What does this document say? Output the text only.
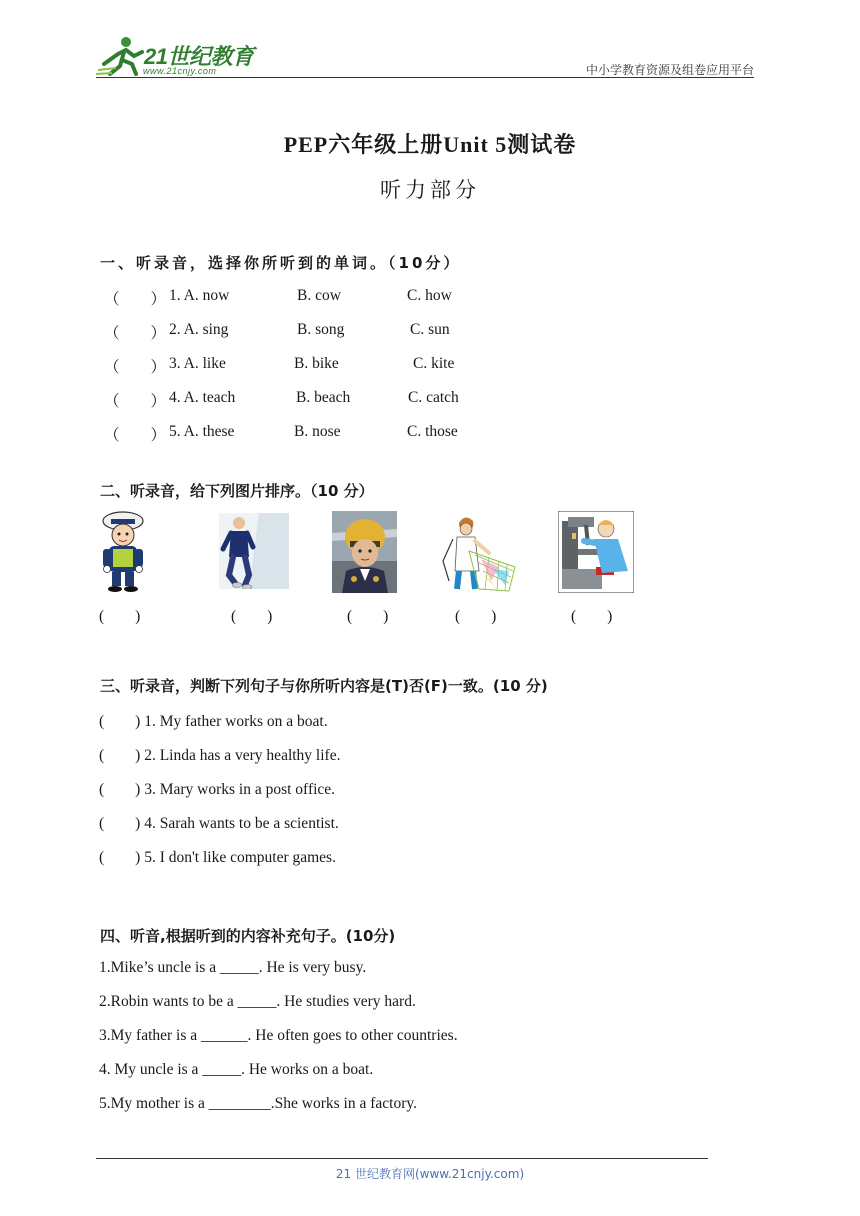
21世纪教育
www.21cnjy.com	中小学教育资源及组卷应用平台
PEP六年级上册Unit 5测试卷
听力部分
一、听录音，选择你所听到的单词。（10分）
（　　） 1. A. now	B. cow	C. how
（　　） 2. A. sing	B. song	C. sun
（　　） 3. A. like	B. bike	C. kite
（　　） 4. A. teach	B. beach	C. catch
（　　） 5. A. these	B. nose	C. those
二、听录音，给下列图片排序。（10 分）
(　　)	(　　)	(　　)	(　　)	(　　)
三、听录音，判断下列句子与你所听内容是(T)否(F)一致。(10 分)
(　　) 1. My father works on a boat.
(　　) 2. Linda has a very healthy life.
(　　) 3. Mary works in a post office.
(　　) 4. Sarah wants to be a scientist.
(　　) 5. I don't like computer games.
四、听音,根据听到的内容补充句子。(10分)
1.Mike’s uncle is a _____. He is very busy.
2.Robin wants to be a _____. He studies very hard.
3.My father is a ______. He often goes to other countries.
4. My uncle is a _____. He works on a boat.
5.My mother is a ________.She works in a factory.
21 世纪教育网(www.21cnjy.com)
